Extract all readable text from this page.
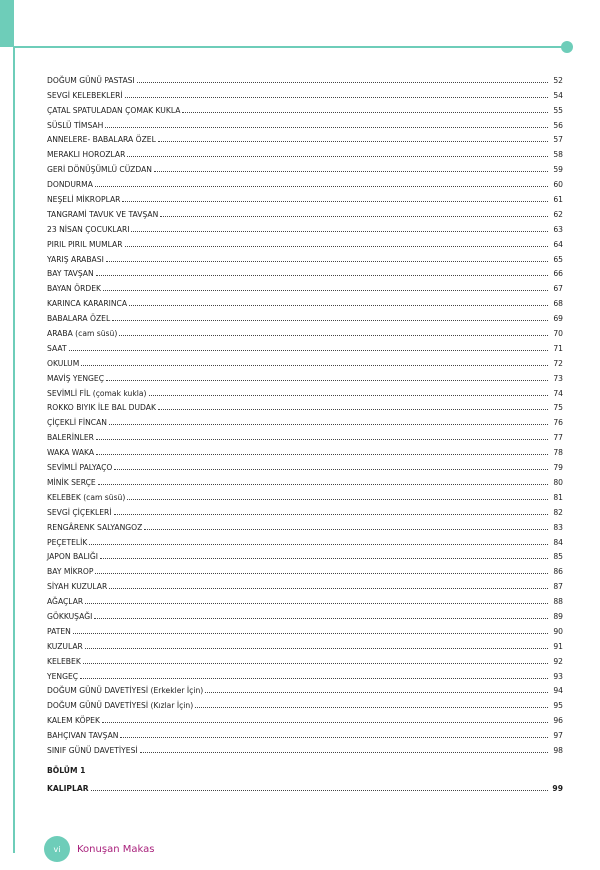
DOĞUM GÜNÜ PASTASI	52
SEVGİ KELEBEKLERİ	54
ÇATAL SPATULADAN ÇOMAK KUKLA	55
SÜSLÜ TİMSAH	56
ANNELERE- BABALARA ÖZEL	57
MERAKLI HOROZLAR	58
GERİ DÖNÜŞÜMLÜ CÜZDAN	59
DONDURMA	60
NEŞELİ MİKROPLAR	61
TANGRAMİ TAVUK VE TAVŞAN	62
23 NİSAN ÇOCUKLARI	63
PIRIL PIRIL MUMLAR	64
YARIŞ ARABASI	65
BAY TAVŞAN	66
BAYAN ÖRDEK	67
KARINCA KARARINCA	68
BABALARA ÖZEL	69
ARABA (cam süsü)	70
SAAT	71
OKULUM	72
MAVİŞ YENGEÇ	73
SEVİMLİ FİL (çomak kukla)	74
ROKKO BIYIK İLE BAL DUDAK	75
ÇİÇEKLİ FİNCAN	76
BALERİNLER	77
WAKA WAKA	78
SEVİMLİ PALYAÇO	79
MİNİK SERÇE	80
KELEBEK (cam süsü)	81
SEVGİ ÇİÇEKLERİ	82
RENGÂRENK SALYANGOZ	83
PEÇETELİK	84
JAPON BALIĞI	85
BAY MİKROP	86
SİYAH KUZULAR	87
AĞAÇLAR	88
GÖKKUŞAĞI	89
PATEN	90
KUZULAR	91
KELEBEK	92
YENGEÇ	93
DOĞUM GÜNÜ DAVETİYESİ (Erkekler İçin)	94
DOĞUM GÜNÜ DAVETİYESİ (Kızlar İçin)	95
KALEM KÖPEK	96
BAHÇIVAN TAVŞAN	97
SINIF GÜNÜ DAVETİYESİ	98
BÖLÜM 1
KALIPLAR	99
vi	Konuşan Makas
